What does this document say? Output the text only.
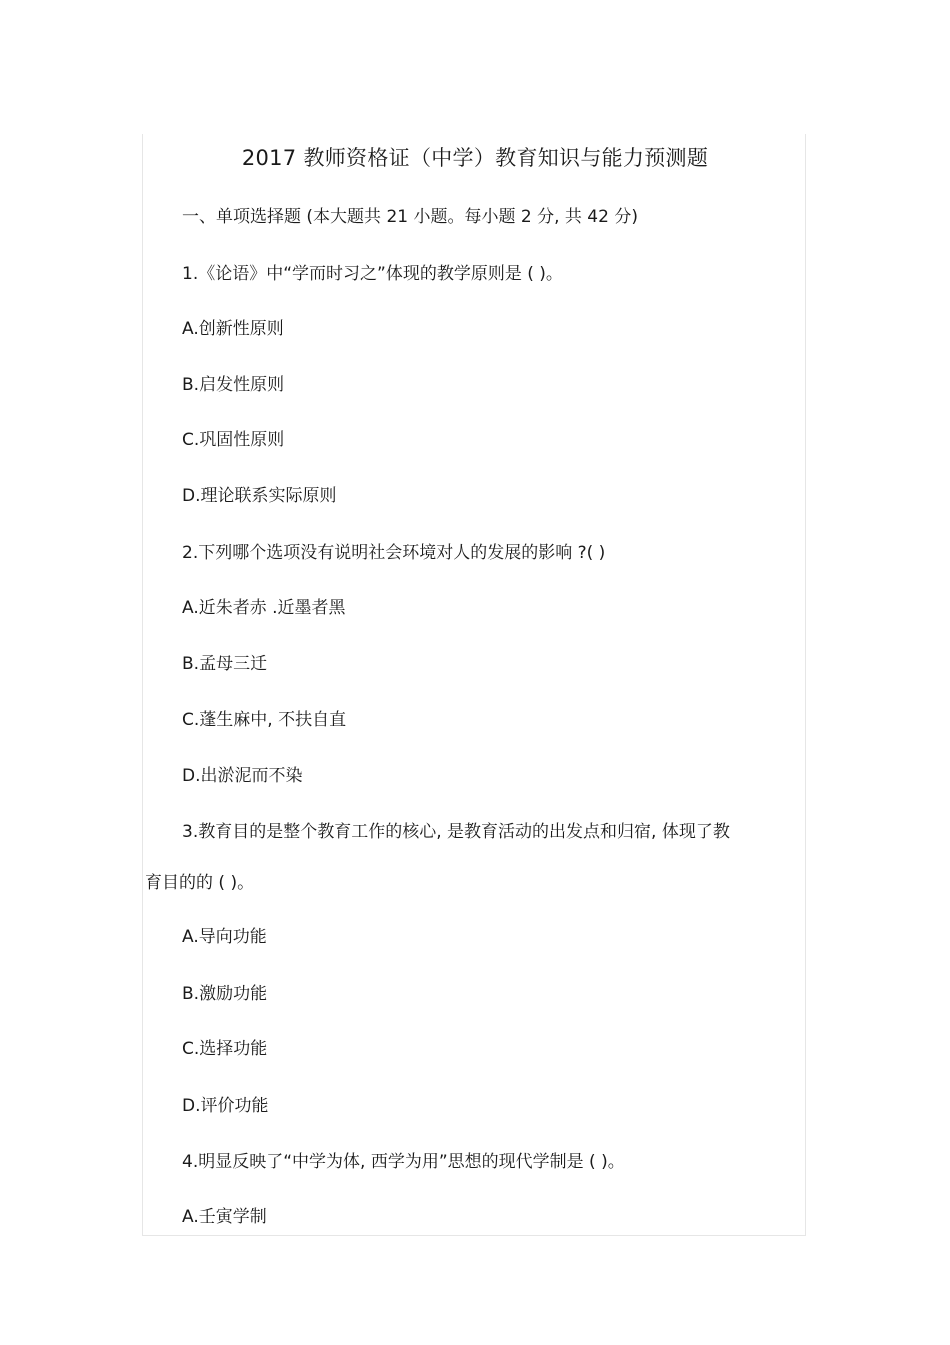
2017 教师资格证（中学）教育知识与能力预测题
一、单项选择题 (本大题共 21 小题。每小题 2 分, 共 42 分)
1.《论语》中“学而时习之”体现的教学原则是 ( )。
A.创新性原则
B.启发性原则
C.巩固性原则
D.理论联系实际原则
2.下列哪个选项没有说明社会环境对人的发展的影响 ?( )
A.近朱者赤 .近墨者黑
B.孟母三迁
C.蓬生麻中, 不扶自直
D.出淤泥而不染
3.教育目的是整个教育工作的核心, 是教育活动的出发点和归宿, 体现了教
育目的的 ( )。
A.导向功能
B.激励功能
C.选择功能
D.评价功能
4.明显反映了“中学为体, 西学为用”思想的现代学制是 ( )。
A.壬寅学制
